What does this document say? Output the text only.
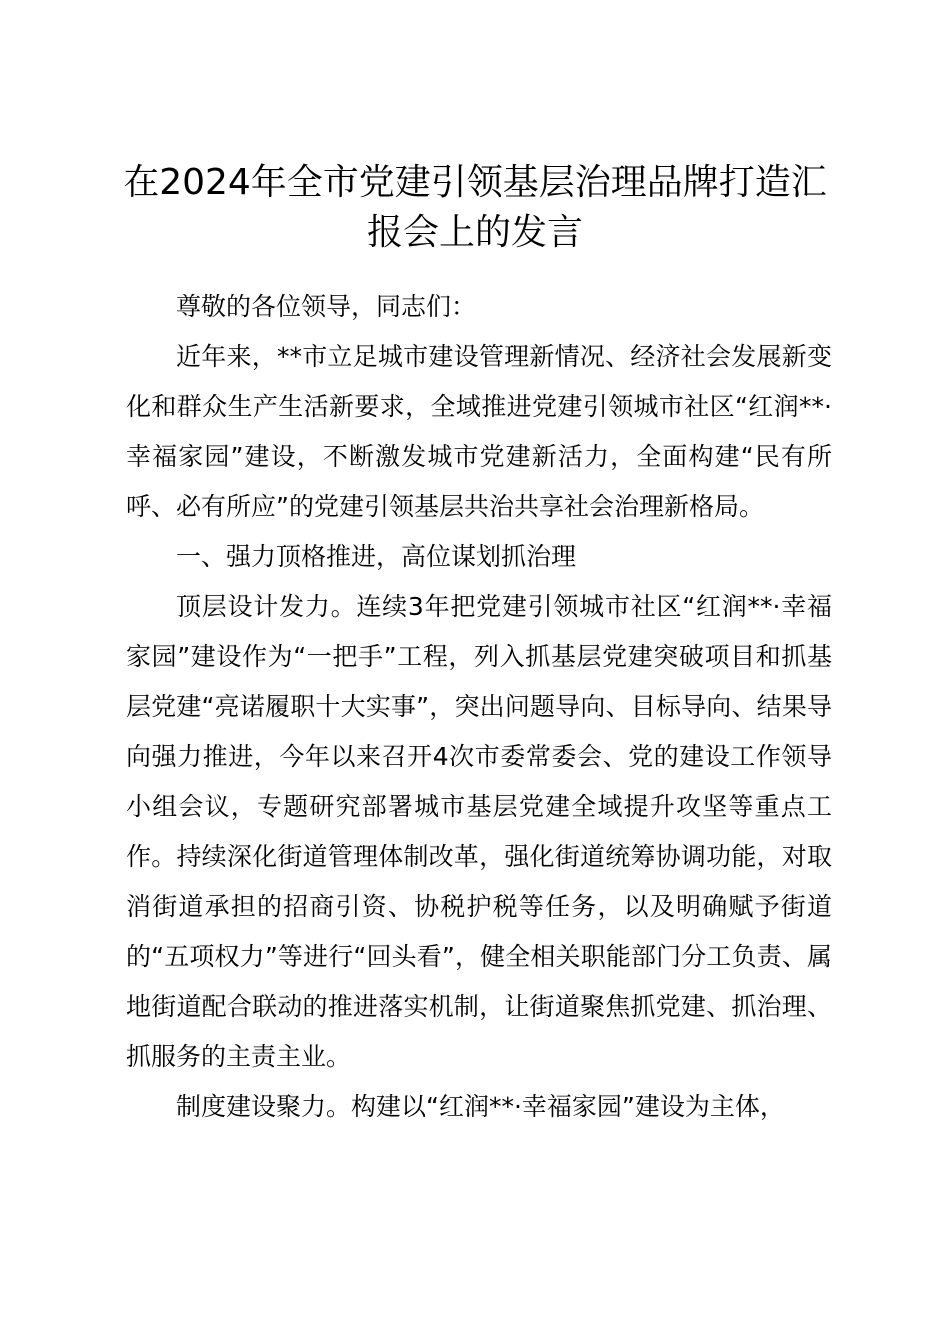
在2024年全市党建引领基层治理品牌打造汇报会上的发言

尊敬的各位领导，同志们：

近年来，**市立足城市建设管理新情况、经济社会发展新变化和群众生产生活新要求，全域推进党建引领城市社区“红润**·幸福家园”建设，不断激发城市党建新活力，全面构建“民有所呼、必有所应”的党建引领基层共治共享社会治理新格局。

一、强力顶格推进，高位谋划抓治理

顶层设计发力。连续3年把党建引领城市社区“红润**·幸福家园”建设作为“一把手”工程，列入抓基层党建突破项目和抓基层党建“亮诺履职十大实事”，突出问题导向、目标导向、结果导向强力推进，今年以来召开4次市委常委会、党的建设工作领导小组会议，专题研究部署城市基层党建全域提升攻坚等重点工作。持续深化街道管理体制改革，强化街道统筹协调功能，对取消街道承担的招商引资、协税护税等任务，以及明确赋予街道的“五项权力”等进行“回头看”，健全相关职能部门分工负责、属地街道配合联动的推进落实机制，让街道聚焦抓党建、抓治理、抓服务的主责主业。

制度建设聚力。构建以“红润**·幸福家园”建设为主体，
